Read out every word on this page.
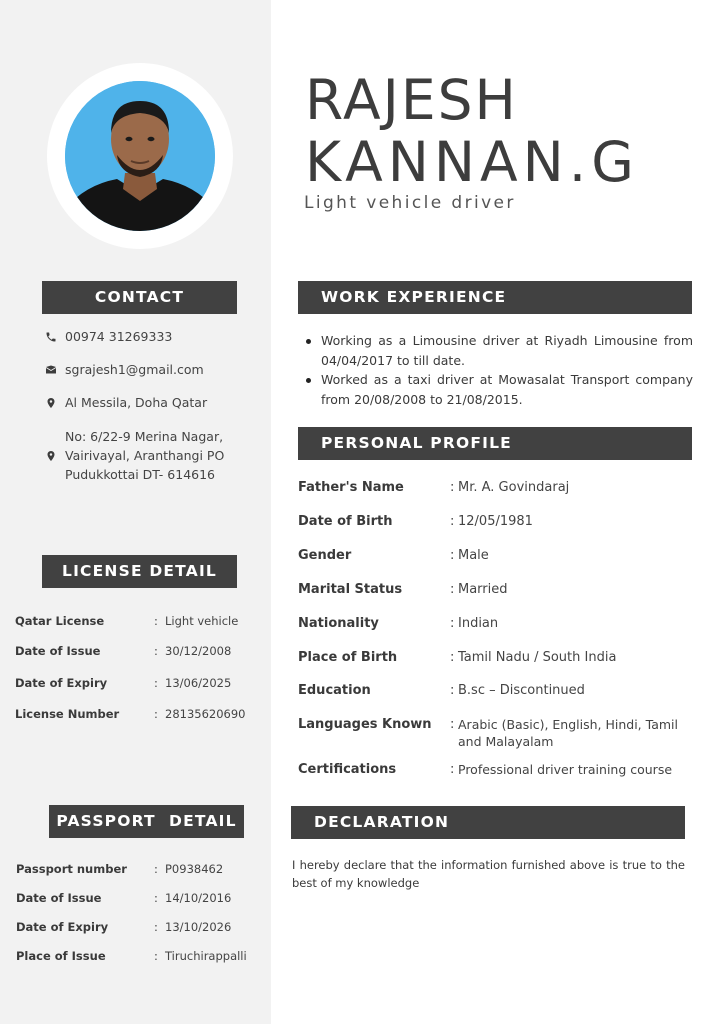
RAJESH
KANNAN.G
Light vehicle driver
CONTACT
00974 31269333
sgrajesh1@gmail.com
Al Messila, Doha Qatar
No: 6/22-9 Merina Nagar,
Vairivayal, Aranthangi PO
Pudukkottai DT- 614616
LICENSE DETAIL
Qatar License	: Light vehicle
Date of Issue	: 30/12/2008
Date of Expiry	: 13/06/2025
License Number	: 28135620690
PASSPORT  DETAIL
Passport number : P0938462
Date of Issue	: 14/10/2016
Date of Expiry	: 13/10/2026
Place of Issue	: Tiruchirappalli
WORK EXPERIENCE
Working as a Limousine driver at Riyadh Limousine from 04/04/2017 to till date.
Worked as a taxi driver at Mowasalat Transport company from 20/08/2008 to 21/08/2015.
PERSONAL PROFILE
Father's Name	: Mr. A. Govindaraj
Date of Birth	: 12/05/1981
Gender	: Male
Marital Status	: Married
Nationality	: Indian
Place of Birth	: Tamil Nadu / South India
Education	: B.sc – Discontinued
Languages Known : Arabic (Basic), English, Hindi, Tamil and Malayalam
Certifications	: Professional driver training course
DECLARATION
I hereby declare that the information furnished above is true to the best of my knowledge
